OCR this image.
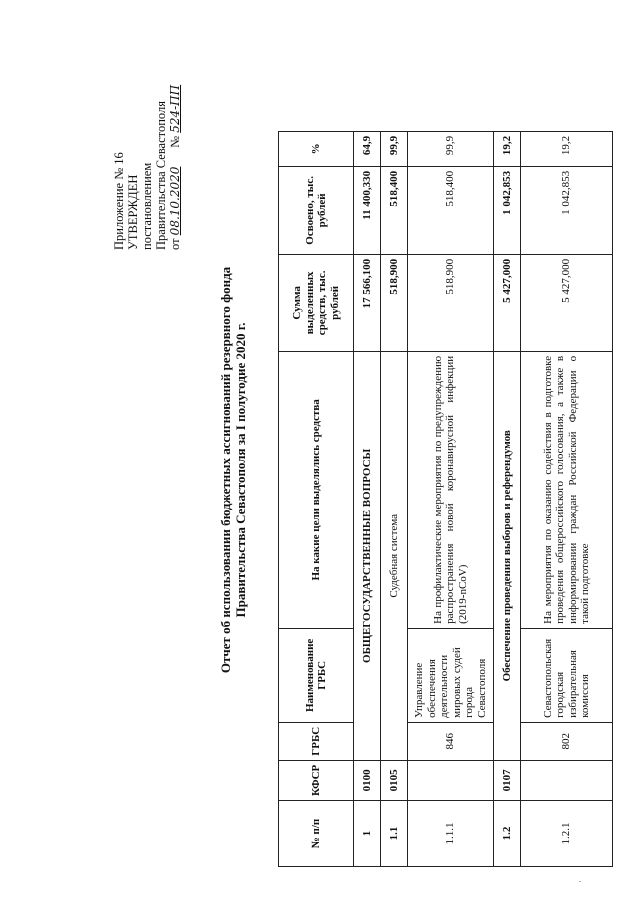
Приложение № 16 УТВЕРЖДЕН постановлением Правительства Севастополя от 08.10.2020      № 524-ПП
Отчет об использовании бюджетных ассигнований резервного фонда Правительства Севастополя за I полугодие 2020 г.
№ п/п	КФСР	ГРБС	Наименование ГРБС	На какие цели выделялись средства	Сумма выделенных средств, тыс. рублей	Освоено, тыс. рублей	%
1	0100	ОБЩЕГОСУДАРСТВЕННЫЕ ВОПРОСЫ			17 566,100	11 400,330	64,9
1.1	0105	Судебная система			518,900	518,400	99,9
1.1.1		846	Управление обеспечения деятельности мировых судей города Севастополя	На профилактические мероприятия по предупреждению распространения новой коронавирусной инфекции (2019-nCoV)	518,900	518,400	99,9
1.2	0107	Обеспечение проведения выборов и референдумов			5 427,000	1 042,853	19,2
1.2.1		802	Севастопольская городская избирательная комиссия	На мероприятия по оказанию содействия в подготовке проведения общероссийского голосования, а также в информировании граждан Российской Федерации о такой подготовке	5 427,000	1 042,853	19,2
·
